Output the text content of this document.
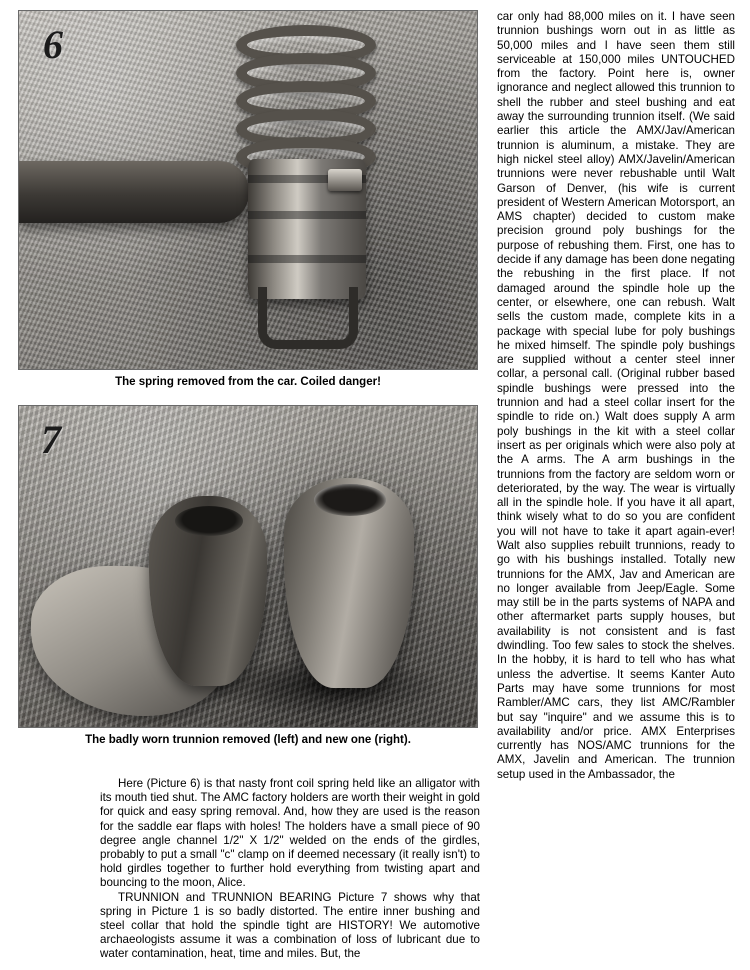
6
The spring removed from the car. Coiled danger!
7
The badly worn trunnion removed (left) and new one (right).

Here (Picture 6) is that nasty front coil spring held like an alligator with its mouth tied shut. The AMC factory holders are worth their weight in gold for quick and easy spring removal. And, how they are used is the reason for the saddle ear flaps with holes! The holders have a small piece of 90 degree angle channel 1/2" X 1/2" welded on the ends of the girdles, probably to put a small "c" clamp on if deemed necessary (it really isn't) to hold girdles together to further hold everything from twisting apart and bouncing to the moon, Alice.

TRUNNION and TRUNNION BEARING Picture 7 shows why that spring in Picture 1 is so badly distorted. The entire inner bushing and steel collar that hold the spindle tight are HISTORY! We automotive archaeologists assume it was a combination of loss of lubricant due to water contamination, heat, time and miles. But, the

car only had 88,000 miles on it. I have seen trunnion bushings worn out in as little as 50,000 miles and I have seen them still serviceable at 150,000 miles UNTOUCHED from the factory. Point here is, owner ignorance and neglect allowed this trunnion to shell the rubber and steel bushing and eat away the surrounding trunnion itself. (We said earlier this article the AMX/Jav/American trunnion is aluminum, a mistake. They are high nickel steel alloy) AMX/Javelin/American trunnions were never rebushable until Walt Garson of Denver, (his wife is current president of Western American Motorsport, an AMS chapter) decided to custom make precision ground poly bushings for the purpose of rebushing them. First, one has to decide if any damage has been done negating the rebushing in the first place. If not damaged around the spindle hole up the center, or elsewhere, one can rebush. Walt sells the custom made, complete kits in a package with special lube for poly bushings he mixed himself. The spindle poly bushings are supplied without a center steel inner collar, a personal call. (Original rubber based spindle bushings were pressed into the trunnion and had a steel collar insert for the spindle to ride on.) Walt does supply A arm poly bushings in the kit with a steel collar insert as per originals which were also poly at the A arms. The A arm bushings in the trunnions from the factory are seldom worn or deteriorated, by the way. The wear is virtually all in the spindle hole. If you have it all apart, think wisely what to do so you are confident you will not have to take it apart again-ever! Walt also supplies rebuilt trunnions, ready to go with his bushings installed. Totally new trunnions for the AMX, Jav and American are no longer available from Jeep/Eagle. Some may still be in the parts systems of NAPA and other aftermarket parts supply houses, but availability is not consistent and is fast dwindling. Too few sales to stock the shelves. In the hobby, it is hard to tell who has what unless the advertise. It seems Kanter Auto Parts may have some trunnions for most Rambler/AMC cars, they list AMC/Rambler but say "inquire" and we assume this is to availability and/or price. AMX Enterprises currently has NOS/AMC trunnions for the AMX, Javelin and American. The trunnion setup used in the Ambassador, the
